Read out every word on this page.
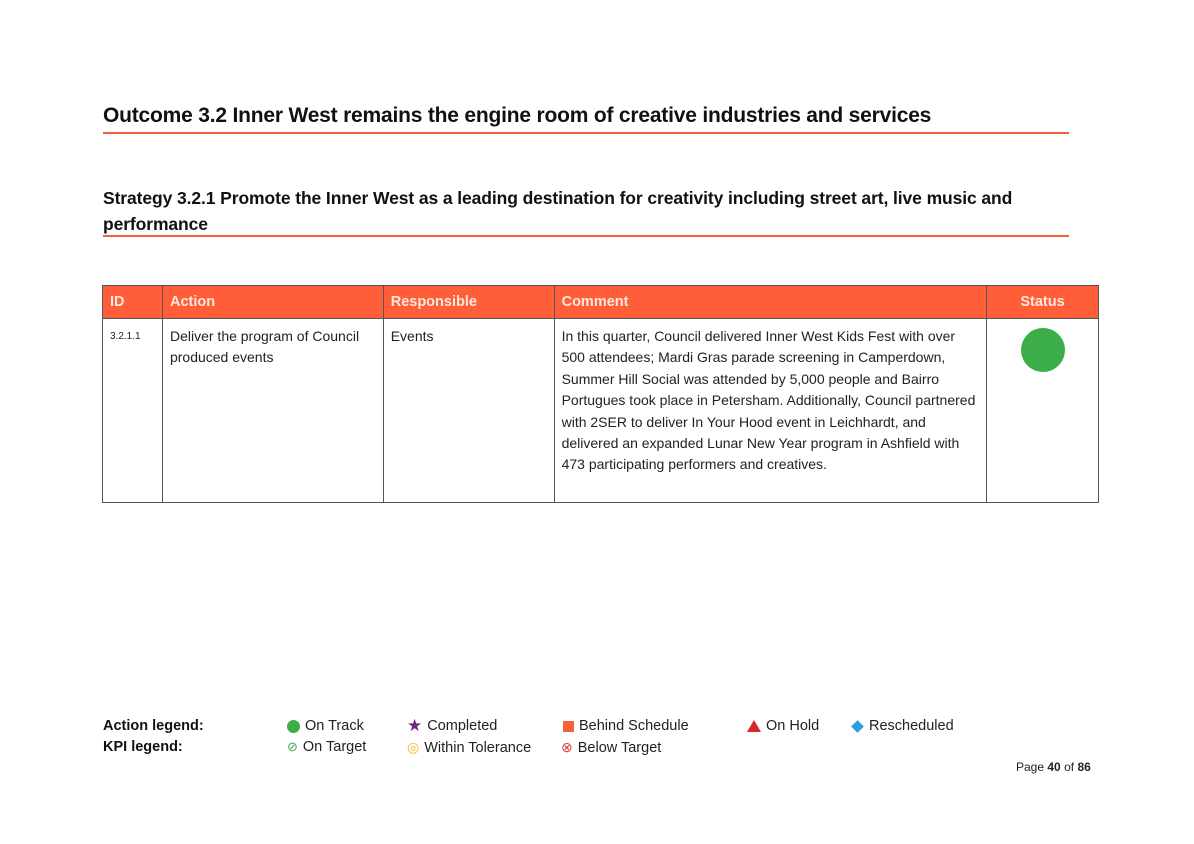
Outcome 3.2 Inner West remains the engine room of creative industries and services
Strategy 3.2.1 Promote the Inner West as a leading destination for creativity including street art, live music and performance
ID	Action	Responsible	Comment	Status
3.2.1.1	Deliver the program of Council produced events	Events	In this quarter, Council delivered Inner West Kids Fest with over 500 attendees; Mardi Gras parade screening in Camperdown, Summer Hill Social was attended by 5,000 people and Bairro Portugues took place in Petersham. Additionally, Council partnered with 2SER to deliver In Your Hood event in Leichhardt, and delivered an expanded Lunar New Year program in Ashfield with 473 participating performers and creatives.	
Action legend:
KPI legend:
On Track	★ Completed	Behind Schedule	On Hold	Rescheduled
⊘ On Target	◎ Within Tolerance ⊗ Below Target
Page 40 of 86
